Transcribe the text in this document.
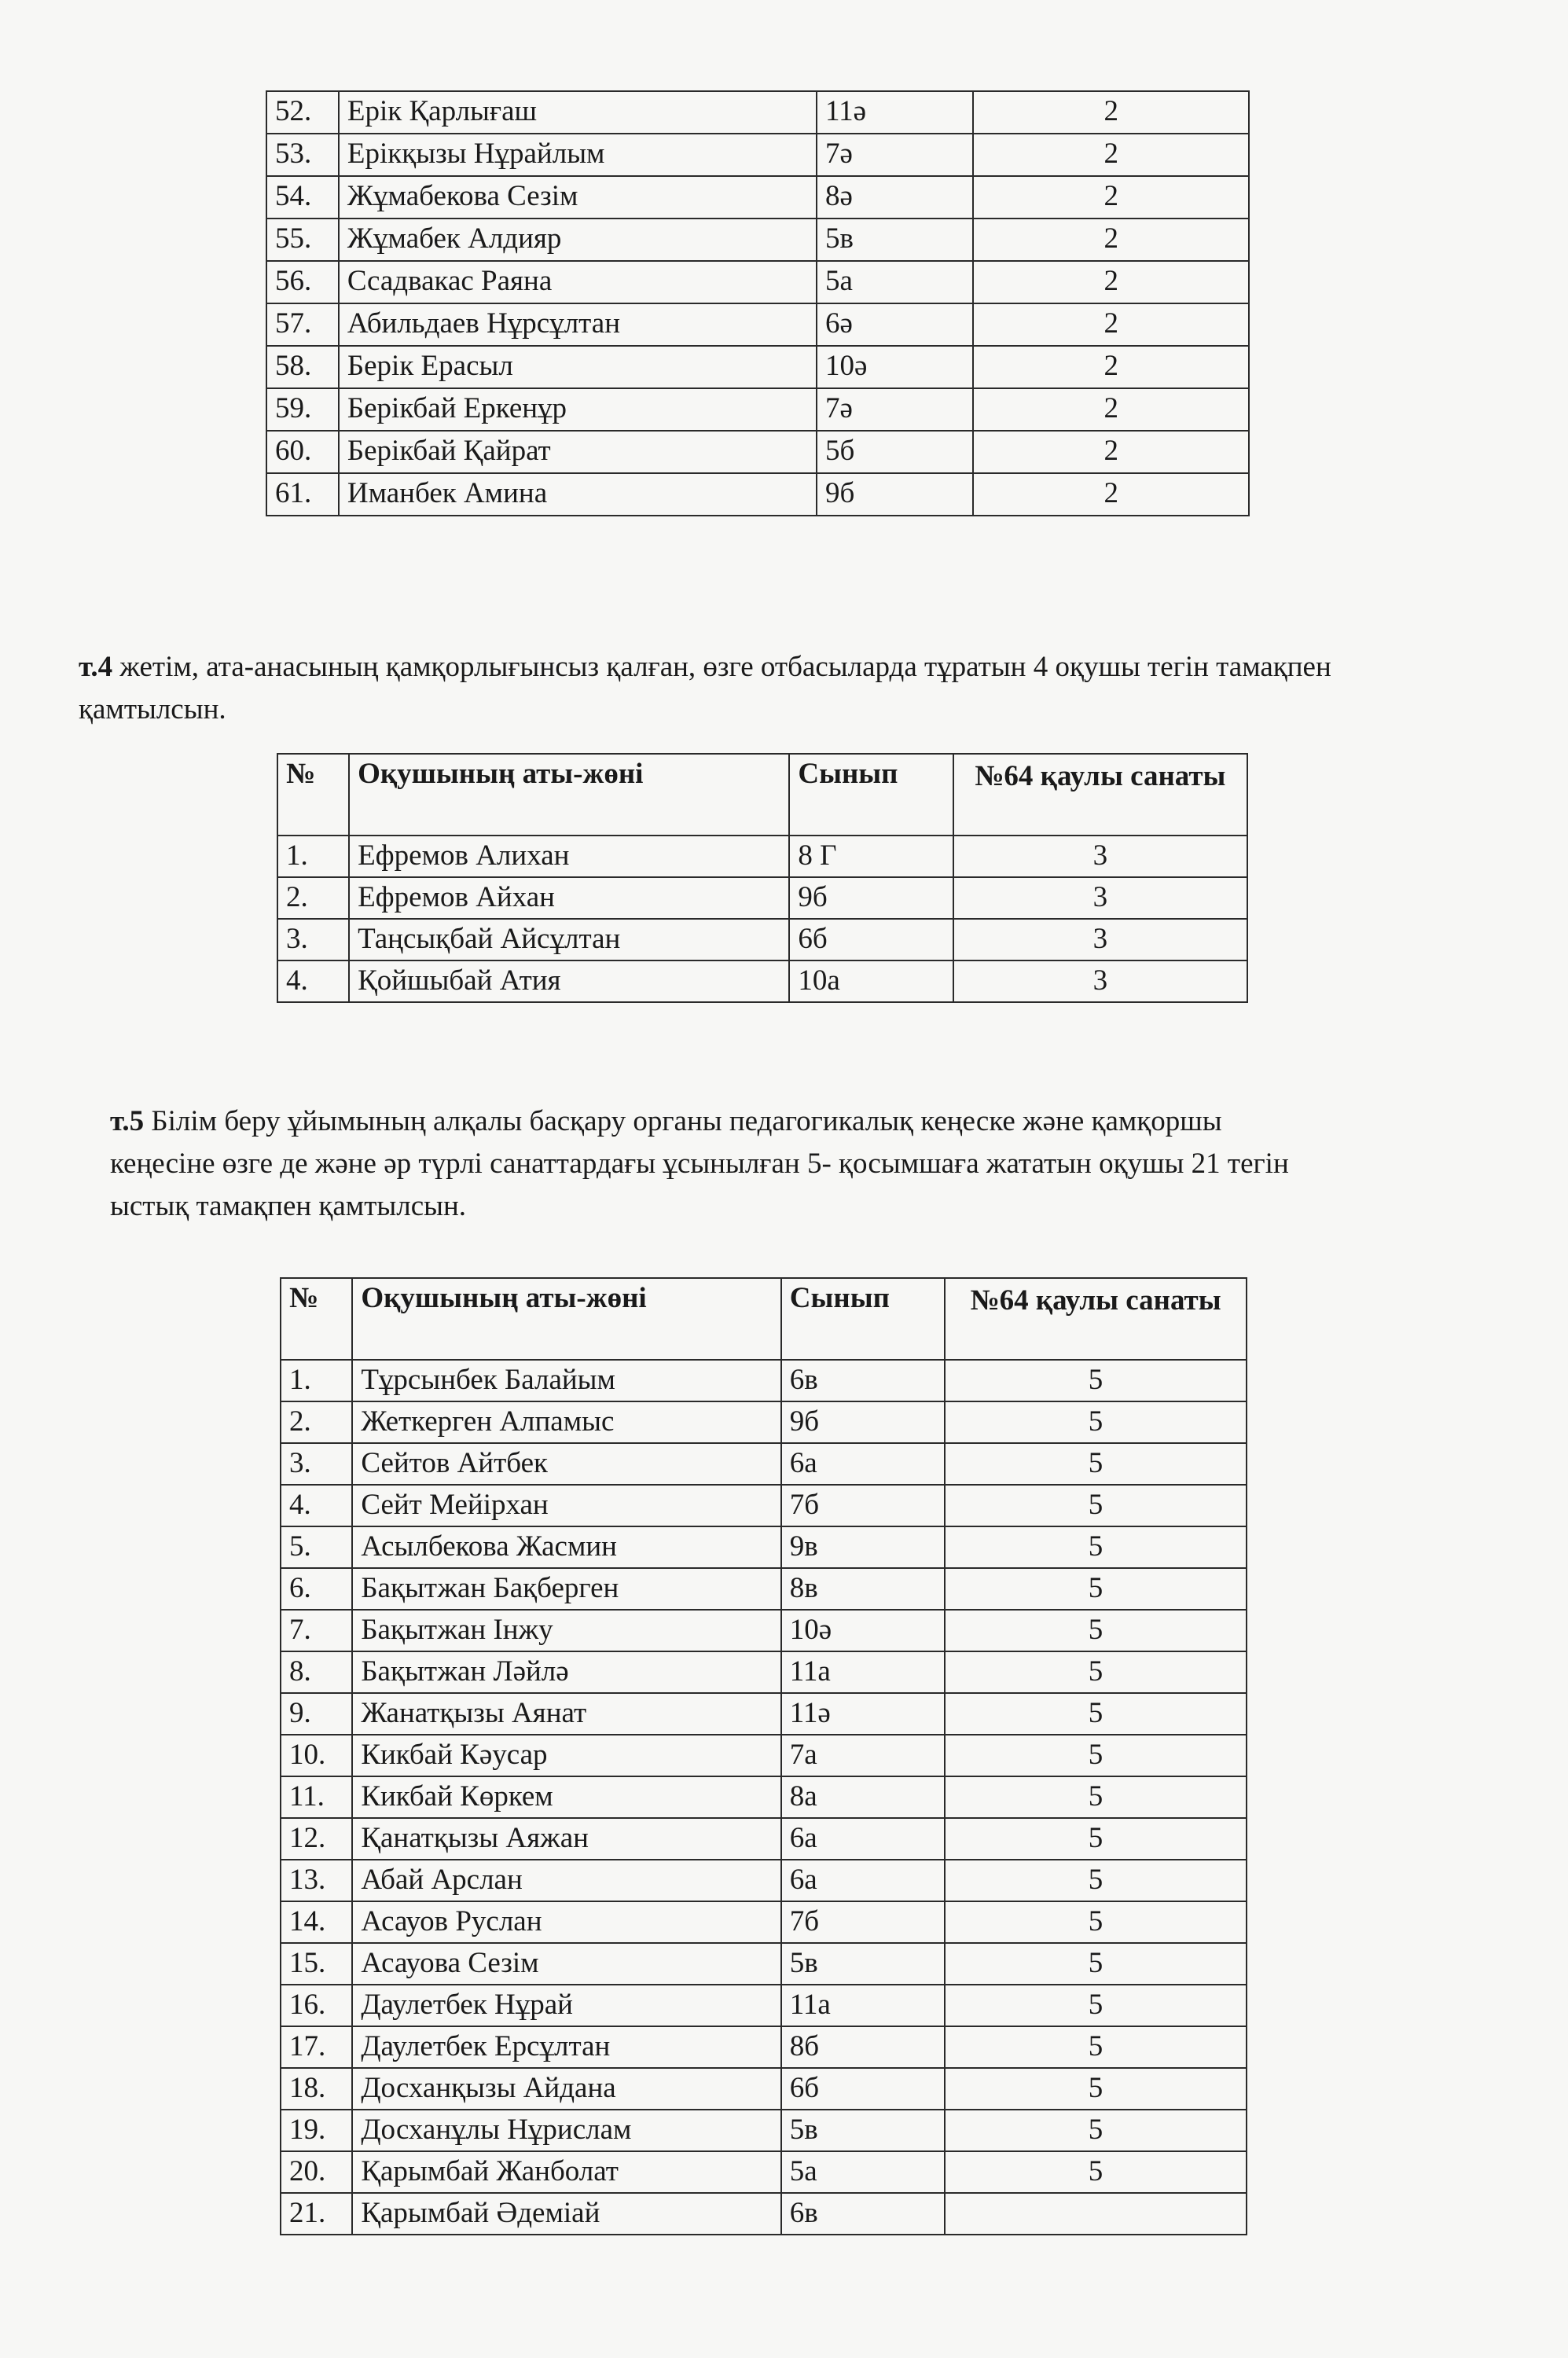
52.	Ерік Қарлығаш	11ә	2
53.	Ерікқызы Нұрайлым	7ә	2
54.	Жұмабекова Сезім	8ә	2
55.	Жұмабек Алдияр	5в	2
56.	Ссадвакас Раяна	5а	2
57.	Абильдаев Нұрсұлтан	6ә	2
58.	Берік Ерасыл	10ә	2
59.	Берікбай Еркенұр	7ә	2
60.	Берікбай Қайрат	5б	2
61.	Иманбек Амина	9б	2
т.4 жетім, ата-анасының қамқорлығынсыз қалған, өзге отбасыларда тұратын 4 оқушы тегін тамақпен қамтылсын.
№	Оқушының аты-жөні	Сынып	№64 қаулы санаты
1.	Ефремов Алихан	8 Г	3
2.	Ефремов Айхан	9б	3
3.	Таңсықбай Айсұлтан	6б	3
4.	Қойшыбай Атия	10а	3
т.5 Білім беру ұйымының алқалы басқару органы педагогикалық кеңеске және қамқоршы кеңесіне өзге де және әр түрлі санаттардағы ұсынылған 5- қосымшаға жататын оқушы 21 тегін ыстық тамақпен қамтылсын.
№	Оқушының аты-жөні	Сынып	№64 қаулы санаты
1.	Тұрсынбек Балайым	6в	5
2.	Жеткерген Алпамыс	9б	5
3.	Сейтов Айтбек	6а	5
4.	Сейт Мейірхан	7б	5
5.	Асылбекова Жасмин	9в	5
6.	Бақытжан Бақберген	8в	5
7.	Бақытжан Інжу	10ә	5
8.	Бақытжан Ләйлә	11а	5
9.	Жанатқызы Аянат	11ә	5
10.	Кикбай Кәусар	7а	5
11.	Кикбай Көркем	8а	5
12.	Қанатқызы Аяжан	6а	5
13.	Абай Арслан	6а	5
14.	Асауов Руслан	7б	5
15.	Асауова Сезім	5в	5
16.	Даулетбек Нұрай	11а	5
17.	Даулетбек Ерсұлтан	8б	5
18.	Досханқызы Айдана	6б	5
19.	Досханұлы Нұрислам	5в	5
20.	Қарымбай Жанболат	5а	5
21.	Қарымбай Әдеміай	6в	
